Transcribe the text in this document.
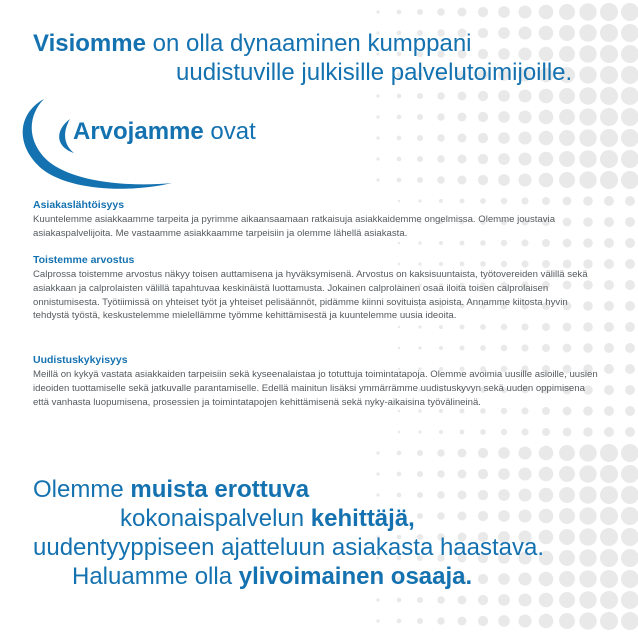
Visiomme on olla dynaaminen kumppani
uudistuville julkisille palvelutoimijoille.
Arvojamme ovat

Asiakaslähtöisyys

Kuuntelemme asiakkaamme tarpeita ja pyrimme aikaansaamaan ratkaisuja asiakkaidemme ongelmissa. Olemme joustavia asiakaspalvelijoita. Me vastaamme asiakkaamme tarpeisiin ja olemme lähellä asiakasta.

Toistemme arvostus

Calprossa toistemme arvostus näkyy toisen auttamisena ja hyväksymisenä. Arvostus on kaksisuuntaista, työtovereiden välillä sekä asiakkaan ja calprolaisten välillä tapahtuvaa keskinäistä luottamusta. Jokainen calprolainen osaa iloita toisen calprolaisen onnistumisesta. Työtiimissä on yhteiset työt ja yhteiset pelisäännöt, pidämme kiinni sovituista asioista. Annamme kiitosta hyvin tehdystä työstä, keskustelemme mielellämme työmme kehittämisestä ja kuuntelemme uusia ideoita.

Uudistuskykyisyys

Meillä on kykyä vastata asiakkaiden tarpeisiin sekä kyseenalaistaa jo totuttuja toimintatapoja. Olemme avoimia uusille asioille, uusien ideoiden tuottamiselle sekä jatkuvalle parantamiselle. Edellä mainitun lisäksi ymmärrämme uudistuskyvyn sekä uuden oppimisena että vanhasta luopumisena, prosessien ja toimintatapojen kehittämisenä sekä nyky-aikaisina työvälineinä.

Olemme muista erottuva
kokonaispalvelun kehittäjä,
uudentyyppiseen ajatteluun asiakasta haastava.
Haluamme olla ylivoimainen osaaja.
